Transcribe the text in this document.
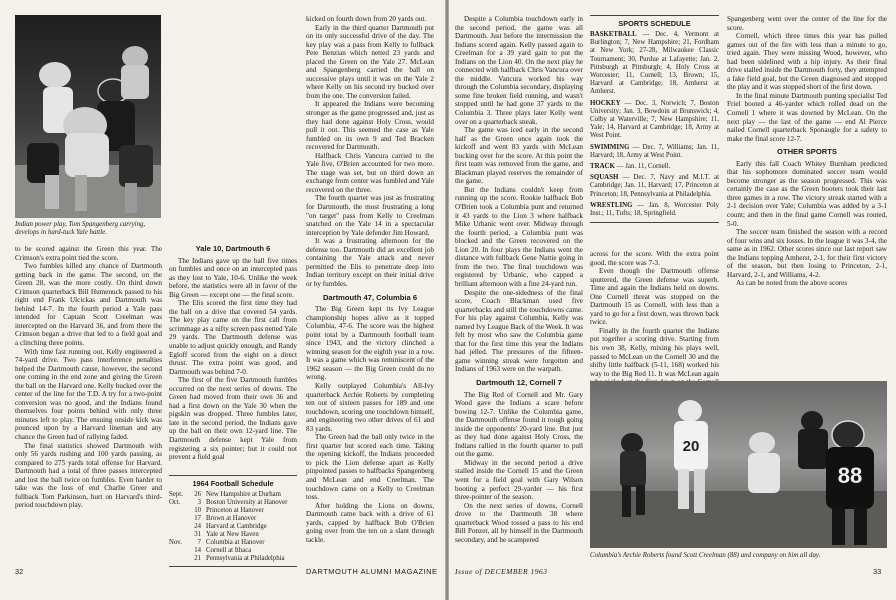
Indian power play, Tom Spangenberg carrying, develops in hard-tuck Yale battle.

to be scored against the Green this year. The Crimson's extra point tied the score.

Two fumbles killed any chance of Dartmouth getting back in the game. The second, on the Green 28, was the more costly. On third down Crimson quarterback Bill Humenuck passed to his right end Frank Ulcickas and Dartmouth was behind 14-7. In the fourth period a Yale pass intended for Captain Scott Creelman was intercepted on the Harvard 36, and from there the Crimson began a drive that led to a field goal and a clinching three points.

With time fast running out, Kelly engineered a 74-yard drive. Two pass interference penalties helped the Dartmouth cause, however, the second one coming in the end zone and giving the Green the ball on the Harvard one. Kelly bucked over the center of the line for the T.D. A try for a two-point conversion was no good, and the Indians found themselves four points behind with only three minutes left to play. The ensuing onside kick was pounced upon by a Harvard lineman and any chance the Green had of rallying faded.

The final statistics showed Dartmouth with only 56 yards rushing and 100 yards passing, as compared to 275 yards total offense for Harvard. Dartmouth had a total of three passes intercepted and lost the ball twice on fumbles. Even harder to take was the loss of end Charlie Greer and fullback Tom Parkinson, hurt on Harvard's third-period touchdown play.

Yale 10, Dartmouth 6

The Indians gave up the ball five times on fumbles and once on an intercepted pass as they lost to Yale, 10-6. Unlike the week before, the statistics were all in favor of the Big Green — except one — the final score.

The Elis scored the first time they had the ball on a drive that covered 54 yards. The key play came on the first call from scrimmage as a nifty screen pass netted Yale 29 yards. The Dartmouth defense was unable to adjust quickly enough, and Randy Egloff scored from the eight on a direct thrust. The extra point was good, and Dartmouth was behind 7-0.

The first of the five Dartmouth fumbles occurred on the next series of downs. The Green had moved from their own 36 and had a first down on the Yale 30 when the pigskin was dropped. Three fumbles later, late in the second period, the Indians gave up the ball on their own 12-yard line. The Dartmouth defense kept Yale from registering a six pointer; but it could not prevent a field goal

1964 Football Schedule
Sept.	26 New Hampshire at Durham
Oct.	3 Boston University at Hanover
10 Princeton at Hanover
17 Brown at Hanover
24 Harvard at Cambridge
31 Yale at New Haven
Nov.	7 Columbia at Hanover
14 Cornell at Ithaca
21 Pennsylvania at Philadelphia

kicked on fourth down from 20 yards out.

Early in the third quarter Dartmouth put on its only successful drive of the day. The key play was a pass from Kelly to fullback Pete Benzian which netted 23 yards and placed the Green on the Yale 27. McLean and Spangenberg carried the ball on successive plays until it was on the Yale 2 where Kelly on his second try bucked over from the one. The conversion failed.

It appeared the Indians were becoming stronger as the game progressed and, just as they had done against Holy Cross, would pull it out. This seemed the case as Yale fumbled on its own 9 and Ted Bracken recovered for Dartmouth.

Halfback Chris Vancura carried to the Yale five, O'Brien accounted for two more. The stage was set, but on third down an exchange from center was fumbled and Yale recovered on the three.

The fourth quarter was just as frustrating for Dartmouth, the most frustrating a long "on target" pass from Kelly to Creelman snatched on the Yale 14 in a spectacular interception by Yale defender Jim Howard.

It was a frustrating afternoon for the defense too. Dartmouth did an excellent job containing the Yale attack and never permitted the Elis to penetrate deep into Indian territory except on their initial drive or by fumbles.

Dartmouth 47, Columbia 6

The Big Green kept its Ivy League championship hopes alive as it topped Columbia, 47-6. The score was the highest point total by a Dartmouth football team since 1943, and the victory clinched a winning season for the eighth year in a row. It was a game which was reminiscent of the 1962 season — the Big Green could do no wrong.

Kelly outplayed Columbia's All-Ivy quarterback Archie Roberts by completing ten out of sixteen passes for 189 and one touchdown, scoring one touchdown himself, and engineering two other drives of 61 and 83 yards.

The Green had the ball only twice in the first quarter but scored each time. Taking the opening kickoff, the Indians proceeded to pick the Lion defense apart as Kelly pinpointed passes to halfbacks Spangenberg and McLean and end Creelman. The touchdown came on a Kelly to Creelman toss.

After holding the Lions on downs, Dartmouth came back with a drive of 61 yards, capped by halfback Bob O'Brien going over from the ten on a slant through tackle.

32	DARTMOUTH ALUMNI MAGAZINE

Despite a Columbia touchdown early in the second period, the game was all Dartmouth. Just before the intermission the Indians scored again. Kelly passed again to Creelman for a 39 yard gain to put the Indians on the Lion 40. On the next play he connected with halfback Chris Vancura over the middle. Vancura worked his way through the Columbia secondary, displaying some fine broken field running, and wasn't stopped until he had gone 37 yards to the Columbia 3. Three plays later Kelly went over on a quarterback sneak.

The game was iced early in the second half as the Green once again took the kickoff and went 83 yards with McLean bucking over for the score. At this point the first team was removed from the game, and Blackman played reserves the remainder of the game.

But the Indians couldn't keep from running up the score. Rookie halfback Bob O'Brien took a Columbia punt and returned it 43 yards to the Lion 3 where halfback Mike Urbanic went over. Midway through the fourth period, a Columbia punt was blocked and the Green recovered on the Lion 20. In four plays the Indians went the distance with fullback Gene Nattie going in from the two. The final touchdown was registered by Urbanic, who capped a brilliant afternoon with a fine 24-yard run.

Despite the one-sidedness of the final score, Coach Blackman used five quarterbacks and still the touchdowns came. For his play against Columbia, Kelly was named Ivy League Back of the Week. It was felt by most who saw the Columbia game that for the first time this year the Indians had jelled. The pressures of the fifteen-game winning streak were forgotten and Indians of 1963 were on the warpath.

Dartmouth 12, Cornell 7

The Big Red of Cornell and Mr. Gary Wood gave the Indians a scare before bowing 12-7. Unlike the Columbia game, the Dartmouth offense found it rough going inside the opponents' 20-yard line. But just as they had done against Holy Cross, the Indians rallied in the fourth quarter to pull out the game.

Midway in the second period a drive stalled inside the Cornell 15 and the Green went for a field goal with Gary Wilson booting a perfect 29-yarder — his first three-pointer of the season.

On the next series of downs, Cornell drove to the Dartmouth 38 where quarterback Wood tossed a pass to his end Bill Ponzer, all by himself in the Dartmouth secondary, and he scampered

SPORTS SCHEDULE

BASKETBALL — Dec. 4, Vermont at Burlington; 7, New Hampshire; 21, Fordham at New York; 27-28, Milwaukee Classic Tournament; 30, Purdue at Lafayette; Jan. 2, Pittsburgh at Pittsburgh; 4, Holy Cross at Worcester; 11, Cornell; 13, Brown; 15, Harvard at Cambridge; 18, Amherst at Amherst.

HOCKEY — Dec. 3, Norwich; 7, Boston University; Jan. 3, Bowdoin at Brunswick; 4, Colby at Waterville; 7, New Hampshire; 11, Yale; 14, Harvard at Cambridge; 18, Army at West Point.

SWIMMING — Dec. 7, Williams; Jan. 11, Harvard; 18, Army at West Point.

TRACK — Jan. 11, Cornell.

SQUASH — Dec. 7, Navy and M.I.T. at Cambridge; Jan. 11, Harvard; 17, Princeton at Princeton; 18, Pennsylvania at Philadelphia.

WRESTLING — Jan. 8, Worcester Poly Inst.; 11, Tufts; 18, Springfield.

across for the score. With the extra point good, the score was 7-3.

Even though the Dartmouth offense sputtered, the Green defense was superb. Time and again the Indians held on downs. One Cornell threat was stopped on the Dartmouth 15 as Cornell, with less than a yard to go for a first down, was thrown back twice.

Finally in the fourth quarter the Indians put together a scoring drive. Starting from his own 38, Kelly, mixing his plays well, passed to McLean on the Cornell 30 and the shifty little halfback (5-11, 168) worked his way to the Big Red 11. It was McLean again

Spangenberg went over the center of the line for the score.

Cornell, which three times this year has pulled games out of the fire with less than a minute to go, tried again. They were missing Wood, however, who had been sidelined with a hip injury. As their final drive stalled inside the Dartmouth forty, they attempted a fake field goal, but the Green diagnosed and stopped the play and it was stopped short of the first down.

In the final minute Dartmouth punting specialist Ted Friel booted a 46-yarder which rolled dead on the Cornell 1 where it was downed by McLean. On the next play — the last of the game — end Al Pierce nailed Cornell quarterback Sponaugle for a safety to make the final score 12-7.

OTHER SPORTS

Early this fall Coach Whitey Burnham predicted that his sophomore dominated soccer team would become stronger as the season progressed. This was certainly the case as the Green booters took their last three games in a row. The victory streak started with a 2-1 decision over Yale; Columbia was added by a 3-1 count; and then in the final game Cornell was routed, 5-0.

The soccer team finished the season with a record of four wins and six losses. In the league it was 3-4, the same as in 1962. Other scores since our last report saw the Indians topping Amherst, 2-1, for their first victory of the season, but then losing to Princeton, 2-1, Harvard, 2-1, and Williams, 4-2.

As can be noted from the above scores

20
88
Columbia's Archie Roberts found Scott Creelman (88) and company on him all day.
Issue of DECEMBER 1963	33
